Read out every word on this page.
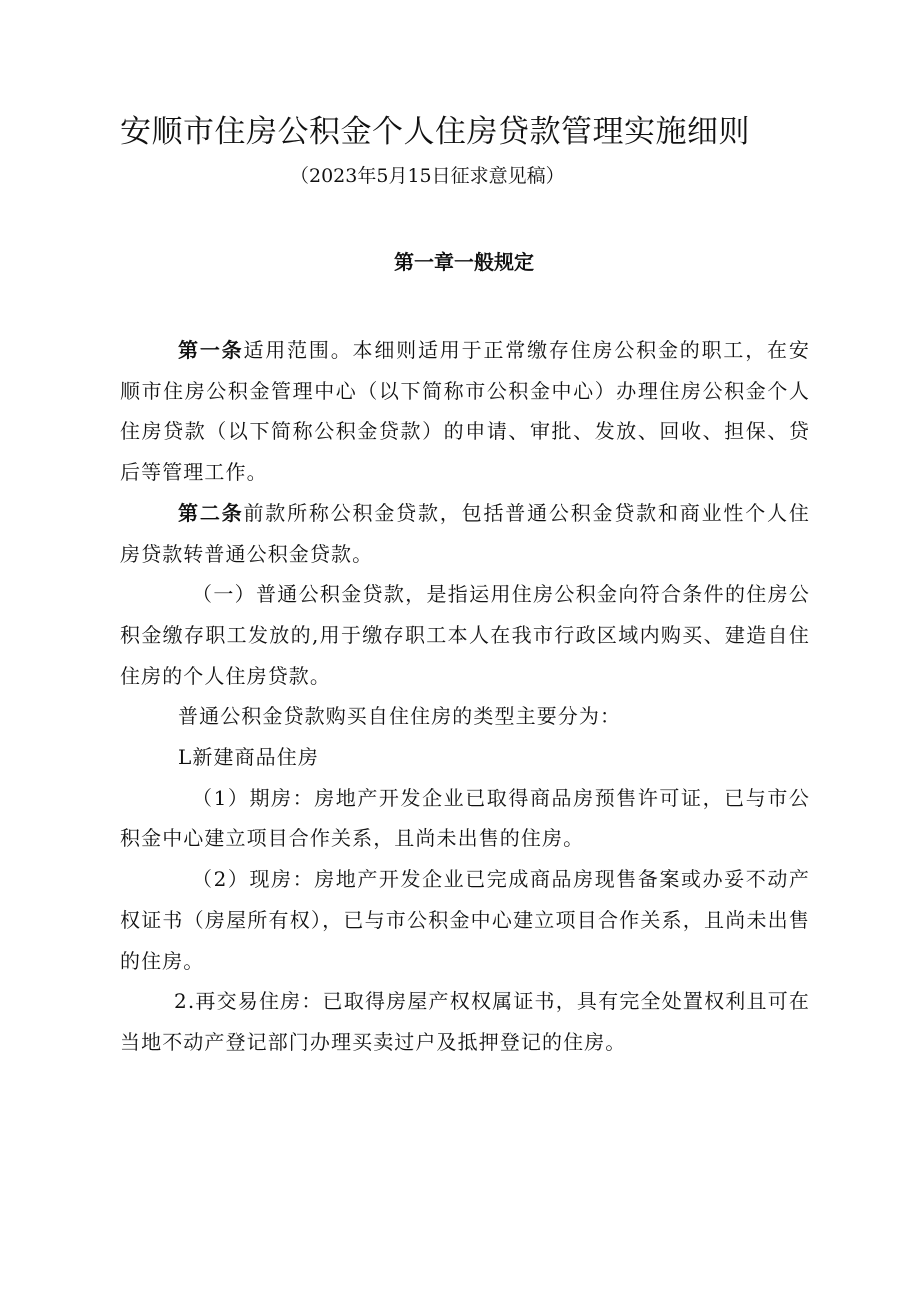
安顺市住房公积金个人住房贷款管理实施细则

（2023年5月15日征求意见稿）

第一章一般规定

第一条适用范围。本细则适用于正常缴存住房公积金的职工，在安顺市住房公积金管理中心（以下简称市公积金中心）办理住房公积金个人住房贷款（以下简称公积金贷款）的申请、审批、发放、回收、担保、贷后等管理工作。

第二条前款所称公积金贷款，包括普通公积金贷款和商业性个人住房贷款转普通公积金贷款。

（一）普通公积金贷款，是指运用住房公积金向符合条件的住房公积金缴存职工发放的,用于缴存职工本人在我市行政区域内购买、建造自住住房的个人住房贷款。

普通公积金贷款购买自住住房的类型主要分为：

L新建商品住房

（1）期房：房地产开发企业已取得商品房预售许可证，已与市公积金中心建立项目合作关系，且尚未出售的住房。

（2）现房：房地产开发企业已完成商品房现售备案或办妥不动产权证书（房屋所有权），已与市公积金中心建立项目合作关系，且尚未出售的住房。

2.再交易住房：已取得房屋产权权属证书，具有完全处置权利且可在当地不动产登记部门办理买卖过户及抵押登记的住房。
